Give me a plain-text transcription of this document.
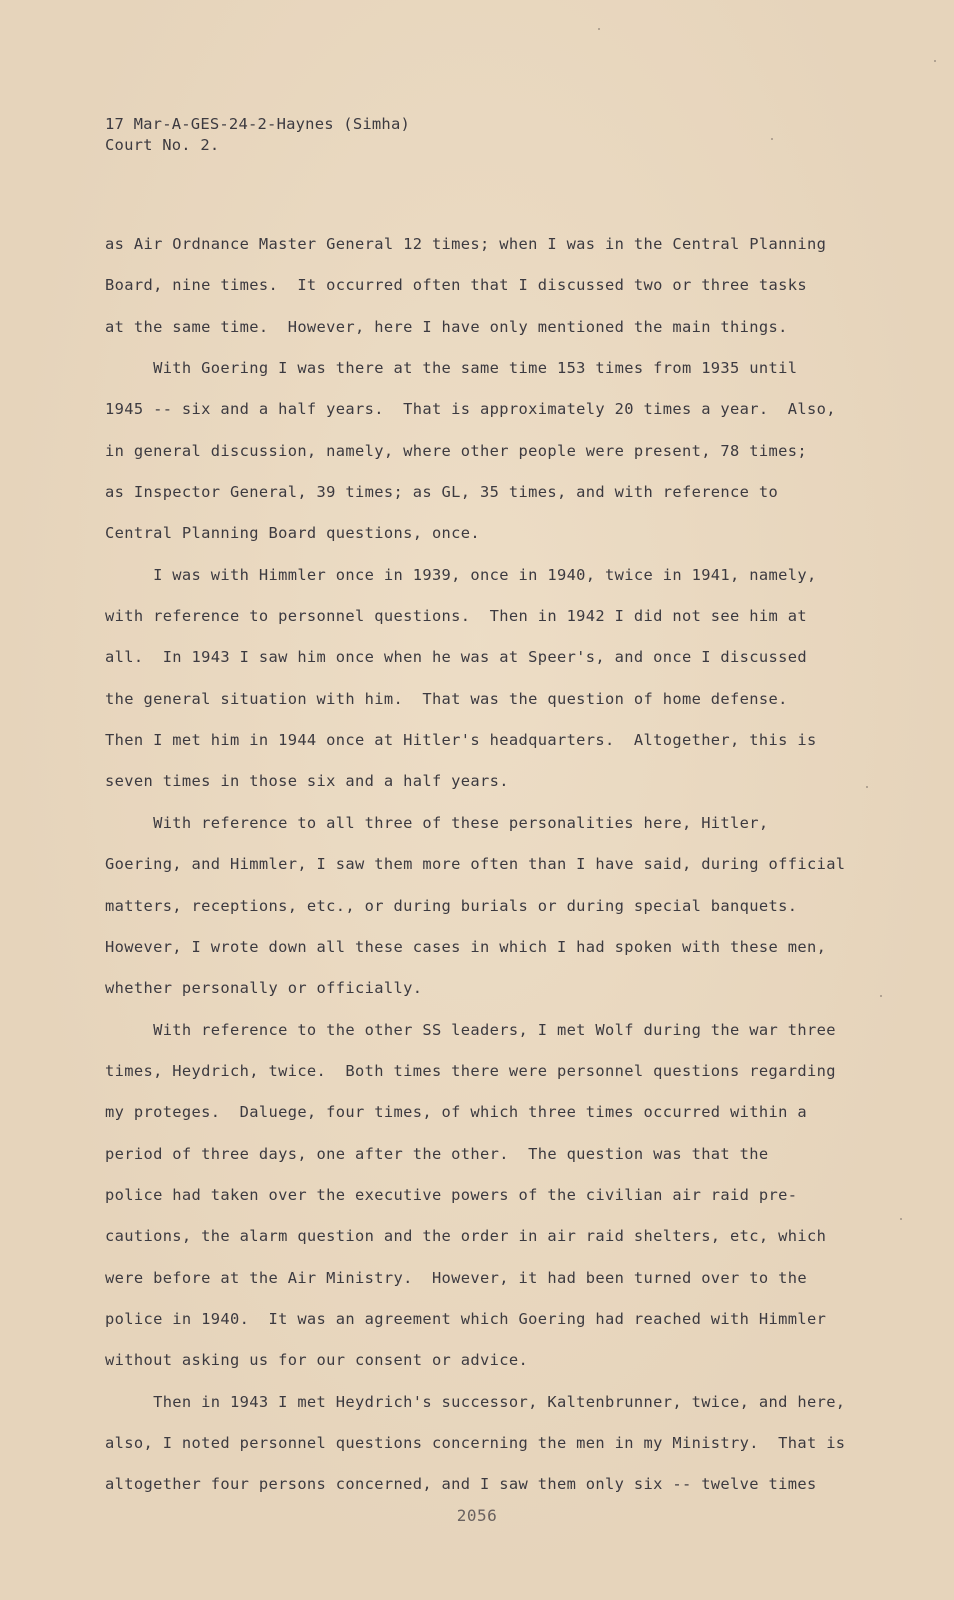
17 Mar-A-GES-24-2-Haynes (Simha)
Court No. 2.
as Air Ordnance Master General 12 times; when I was in the Central Planning
Board, nine times.  It occurred often that I discussed two or three tasks
at the same time.  However, here I have only mentioned the main things.
With Goering I was there at the same time 153 times from 1935 until
1945 -- six and a half years.  That is approximately 20 times a year.  Also,
in general discussion, namely, where other people were present, 78 times;
as Inspector General, 39 times; as GL, 35 times, and with reference to
Central Planning Board questions, once.
I was with Himmler once in 1939, once in 1940, twice in 1941, namely,
with reference to personnel questions.  Then in 1942 I did not see him at
all.  In 1943 I saw him once when he was at Speer's, and once I discussed
the general situation with him.  That was the question of home defense.
Then I met him in 1944 once at Hitler's headquarters.  Altogether, this is
seven times in those six and a half years.
With reference to all three of these personalities here, Hitler,
Goering, and Himmler, I saw them more often than I have said, during official
matters, receptions, etc., or during burials or during special banquets.
However, I wrote down all these cases in which I had spoken with these men,
whether personally or officially.
With reference to the other SS leaders, I met Wolf during the war three
times, Heydrich, twice.  Both times there were personnel questions regarding
my proteges.  Daluege, four times, of which three times occurred within a
period of three days, one after the other.  The question was that the
police had taken over the executive powers of the civilian air raid pre-
cautions, the alarm question and the order in air raid shelters, etc, which
were before at the Air Ministry.  However, it had been turned over to the
police in 1940.  It was an agreement which Goering had reached with Himmler
without asking us for our consent or advice.
Then in 1943 I met Heydrich's successor, Kaltenbrunner, twice, and here,
also, I noted personnel questions concerning the men in my Ministry.  That is
altogether four persons concerned, and I saw them only six -- twelve times
2056
